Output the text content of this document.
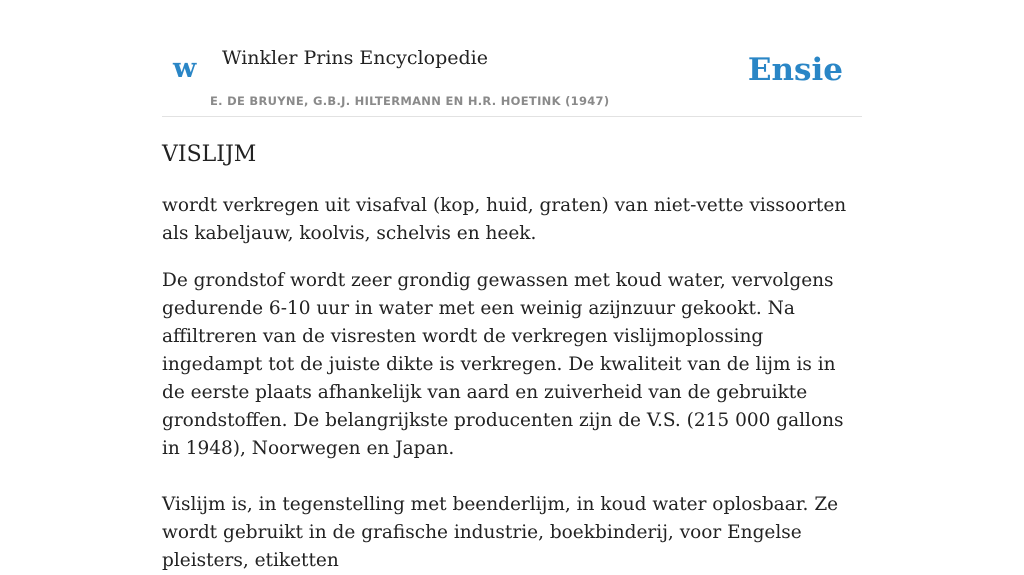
w Winkler Prins Encyclopedie
E. DE BRUYNE, G.B.J. HILTERMANN EN H.R. HOETINK (1947)
Ensie
VISLIJM

wordt verkregen uit visafval (kop, huid, graten) van niet-vette vissoorten als kabeljauw, koolvis, schelvis en heek.

De grondstof wordt zeer grondig gewassen met koud water, vervolgens gedurende 6-10 uur in water met een weinig azijnzuur gekookt. Na affiltreren van de visresten wordt de verkregen vislijmoplossing ingedampt tot de juiste dikte is verkregen. De kwaliteit van de lijm is in de eerste plaats afhankelijk van aard en zuiverheid van de gebruikte grondstoffen. De belangrijkste producenten zijn de V.S. (215 000 gallons in 1948), Noorwegen en Japan.

Vislijm is, in tegenstelling met beenderlijm, in koud water oplosbaar. Ze wordt gebruikt in de grafische industrie, boekbinderij, voor Engelse pleisters, etiketten
